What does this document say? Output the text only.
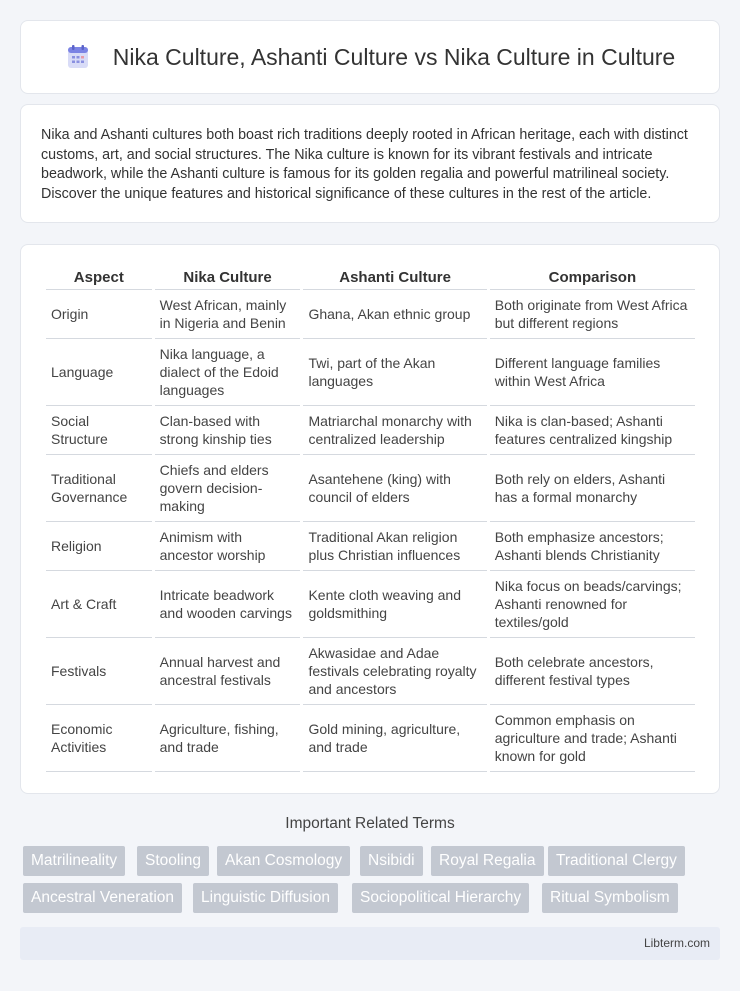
Nika Culture, Ashanti Culture vs Nika Culture in Culture

Nika and Ashanti cultures both boast rich traditions deeply rooted in African heritage, each with distinct customs, art, and social structures. The Nika culture is known for its vibrant festivals and intricate beadwork, while the Ashanti culture is famous for its golden regalia and powerful matrilineal society. Discover the unique features and historical significance of these cultures in the rest of the article.

Aspect	Nika Culture	Ashanti Culture	Comparison
Origin	West African, mainly in Nigeria and Benin	Ghana, Akan ethnic group	Both originate from West Africa but different regions
Language	Nika language, a dialect of the Edoid languages	Twi, part of the Akan languages	Different language families within West Africa
Social Structure	Clan-based with strong kinship ties	Matriarchal monarchy with centralized leadership	Nika is clan-based; Ashanti features centralized kingship
Traditional Governance	Chiefs and elders govern decision-making	Asantehene (king) with council of elders	Both rely on elders, Ashanti has a formal monarchy
Religion	Animism with ancestor worship	Traditional Akan religion plus Christian influences	Both emphasize ancestors; Ashanti blends Christianity
Art & Craft	Intricate beadwork and wooden carvings	Kente cloth weaving and goldsmithing	Nika focus on beads/carvings; Ashanti renowned for textiles/gold
Festivals	Annual harvest and ancestral festivals	Akwasidae and Adae festivals celebrating royalty and ancestors	Both celebrate ancestors, different festival types
Economic Activities	Agriculture, fishing, and trade	Gold mining, agriculture, and trade	Common emphasis on agriculture and trade; Ashanti known for gold
Important Related Terms
Matrilineality	Stooling	Akan Cosmology	Nsibidi	Royal Regalia	Traditional Clergy
Ancestral Veneration	Linguistic Diffusion	Sociopolitical Hierarchy	Ritual Symbolism
Libterm.com
